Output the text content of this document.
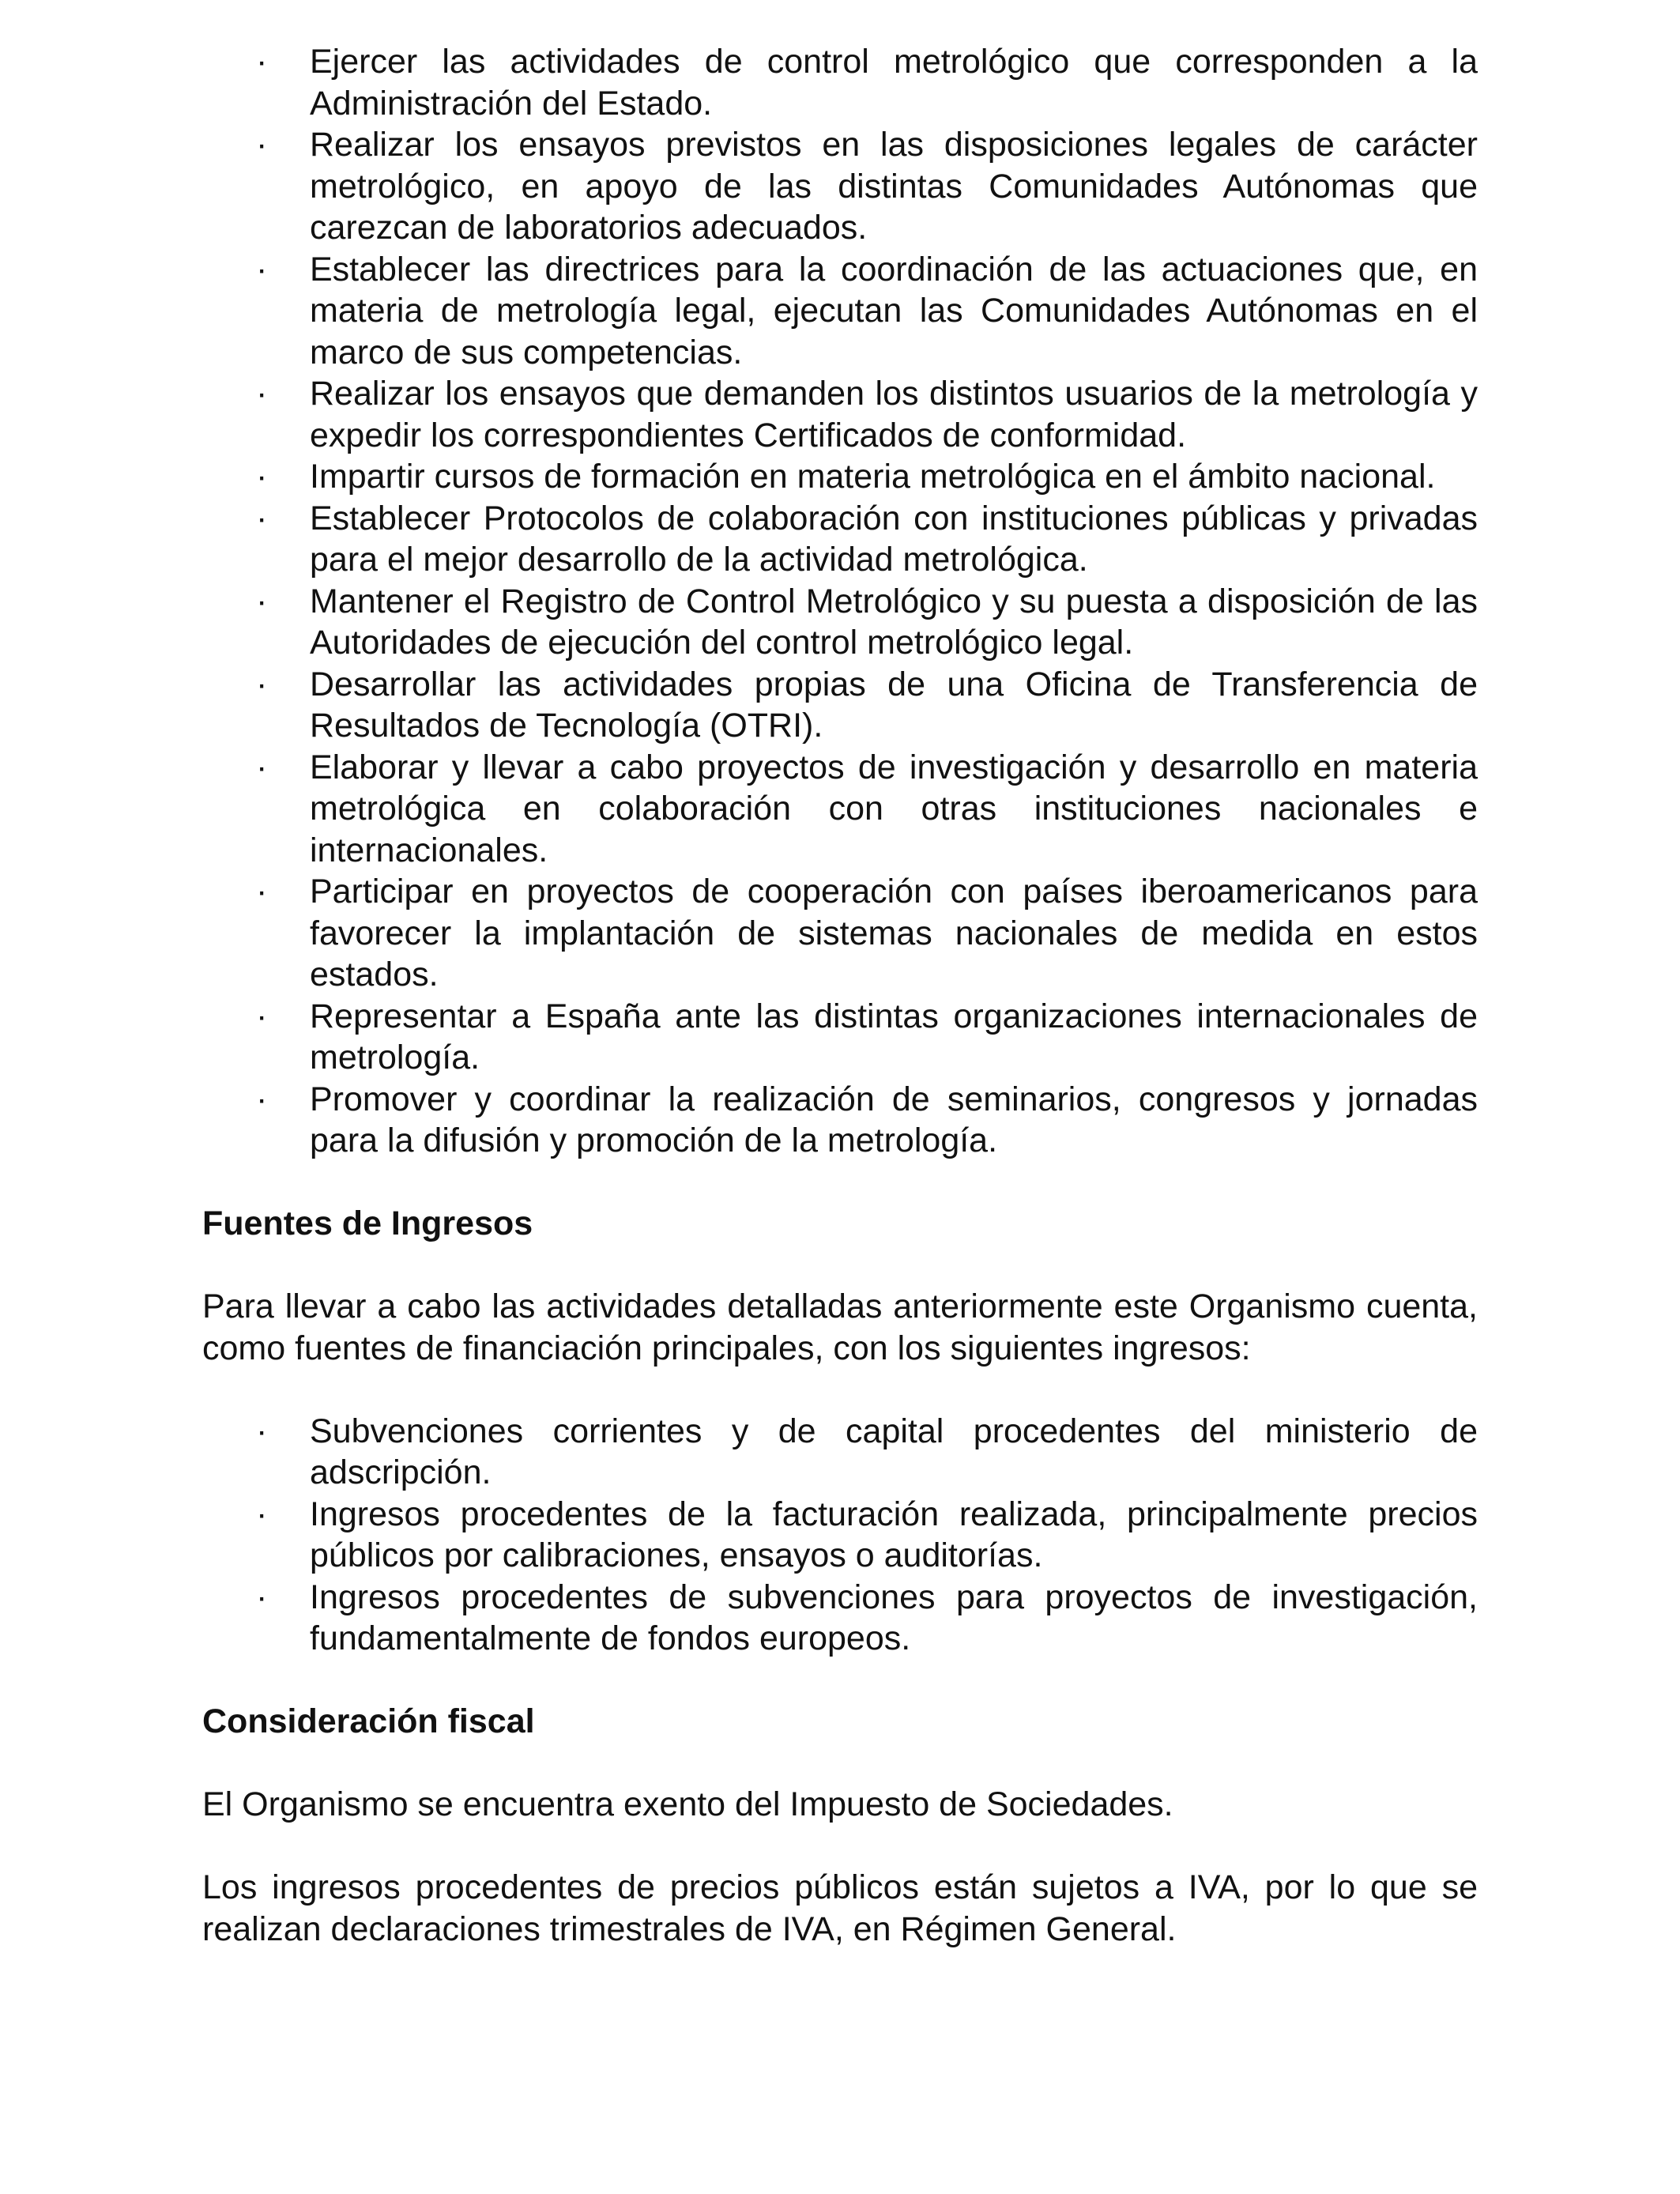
·	Ejercer las actividades de control metrológico que corresponden a la Administración del Estado.
·	Realizar los ensayos previstos en las disposiciones legales de carácter metrológico, en apoyo de las distintas Comunidades Autónomas que carezcan de laboratorios adecuados.
·	Establecer las directrices para la coordinación de las actuaciones que, en materia de metrología legal, ejecutan las Comunidades Autónomas en el marco de sus competencias.
·	Realizar los ensayos que demanden los distintos usuarios de la metrología y expedir los correspondientes Certificados de conformidad.
·	Impartir cursos de formación en materia metrológica en el ámbito nacional.
·	Establecer Protocolos de colaboración con instituciones públicas y privadas para el mejor desarrollo de la actividad metrológica.
·	Mantener el Registro de Control Metrológico y su puesta a disposición de las Autoridades de ejecución del control metrológico legal.
·	Desarrollar las actividades propias de una Oficina de Transferencia de Resultados de Tecnología (OTRI).
·	Elaborar y llevar a cabo proyectos de investigación y desarrollo en materia metrológica en colaboración con otras instituciones nacionales e internacionales.
·	Participar en proyectos de cooperación con países iberoamericanos para favorecer la implantación de sistemas nacionales de medida en estos estados.
·	Representar a España ante las distintas organizaciones internacionales de metrología.
·	Promover y coordinar la realización de seminarios, congresos y jornadas para la difusión y promoción de la metrología.

Fuentes de Ingresos

Para llevar a cabo las actividades detalladas anteriormente este Organismo cuenta, como fuentes de financiación principales, con los siguientes ingresos:

·	Subvenciones corrientes y de capital procedentes del ministerio de adscripción.
·	Ingresos procedentes de la facturación realizada, principalmente precios públicos por calibraciones, ensayos o auditorías.
·	Ingresos procedentes de subvenciones para proyectos de investigación, fundamentalmente de fondos europeos.

Consideración fiscal

El Organismo se encuentra exento del Impuesto de Sociedades.

Los ingresos procedentes de precios públicos están sujetos a IVA, por lo que se realizan declaraciones trimestrales de IVA, en Régimen General.
